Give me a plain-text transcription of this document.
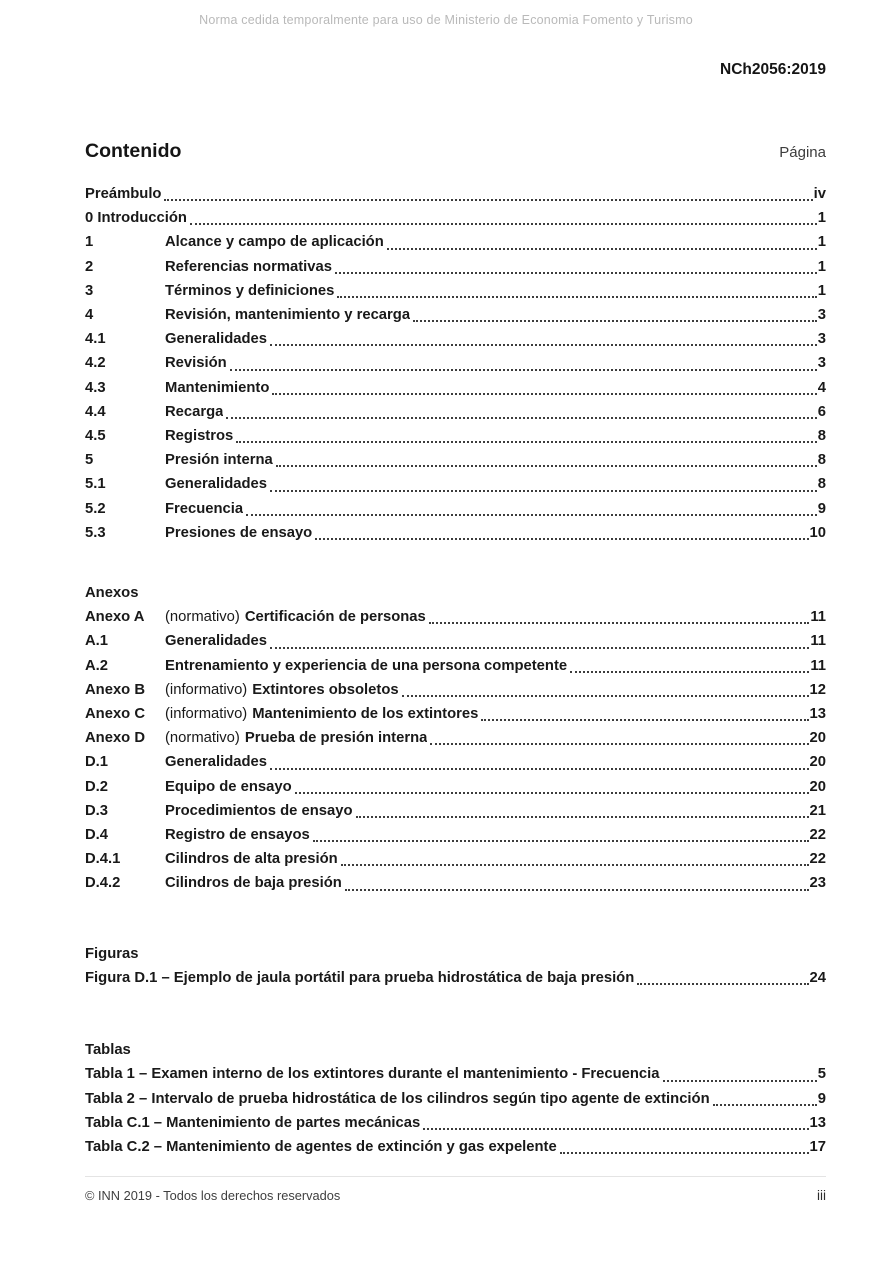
Norma cedida temporalmente para uso de Ministerio de Economia Fomento y Turismo
NCh2056:2019
Contenido	Página
Preámbulo	iv
0 Introducción	1
1	Alcance y campo de aplicación	1
2	Referencias normativas	1
3	Términos y definiciones	1
4	Revisión, mantenimiento y recarga	3
4.1	Generalidades	3
4.2	Revisión	3
4.3	Mantenimiento	4
4.4	Recarga	6
4.5	Registros	8
5	Presión interna	8
5.1	Generalidades	8
5.2	Frecuencia	9
5.3	Presiones de ensayo	10
Anexos
Anexo A	(normativo) Certificación de personas	11
A.1	Generalidades	11
A.2	Entrenamiento y experiencia de una persona competente	11
Anexo B	(informativo) Extintores obsoletos	12
Anexo C	(informativo) Mantenimiento de los extintores	13
Anexo D	(normativo) Prueba de presión interna	20
D.1	Generalidades	20
D.2	Equipo de ensayo	20
D.3	Procedimientos de ensayo	21
D.4	Registro de ensayos	22
D.4.1	Cilindros de alta presión	22
D.4.2	Cilindros de baja presión	23
Figuras
Figura D.1 – Ejemplo de jaula portátil para prueba hidrostática de baja presión	24
Tablas
Tabla 1 – Examen interno de los extintores durante el mantenimiento - Frecuencia	5
Tabla 2 – Intervalo de prueba hidrostática de los cilindros según tipo agente de extinción	9
Tabla C.1 – Mantenimiento de partes mecánicas	13
Tabla C.2 – Mantenimiento de agentes de extinción y gas expelente	17
© INN 2019 - Todos los derechos reservados	iii
